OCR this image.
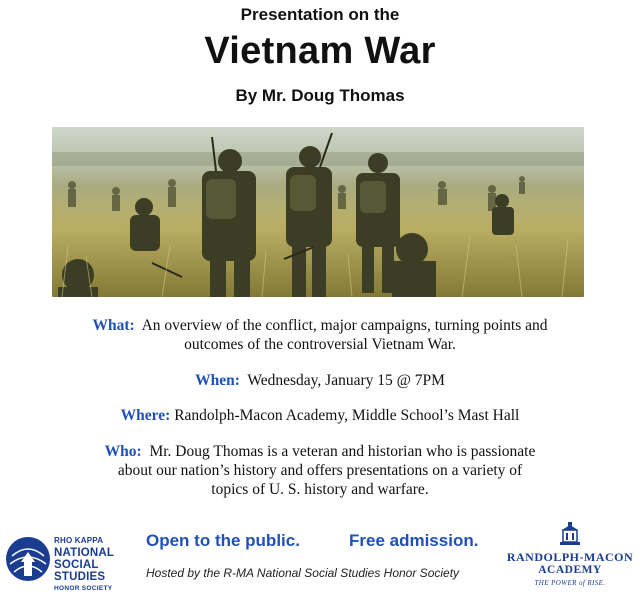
Presentation on the
Vietnam War
By Mr. Doug Thomas
What: An overview of the conflict, major campaigns, turning points and
outcomes of the controversial Vietnam War.
When: Wednesday, January 15 @ 7PM
Where: Randolph-Macon Academy, Middle School’s Mast Hall
Who: Mr. Doug Thomas is a veteran and historian who is passionate
about our nation’s history and offers presentations on a variety of
topics of U. S. history and warfare.
RHO KAPPA
NATIONAL
SOCIAL
STUDIES
HONOR SOCIETY
Open to the public.	Free admission.
Hosted by the R-MA National Social Studies Honor Society
RANDOLPH-MACON
ACADEMY
THE POWER of RISE.
